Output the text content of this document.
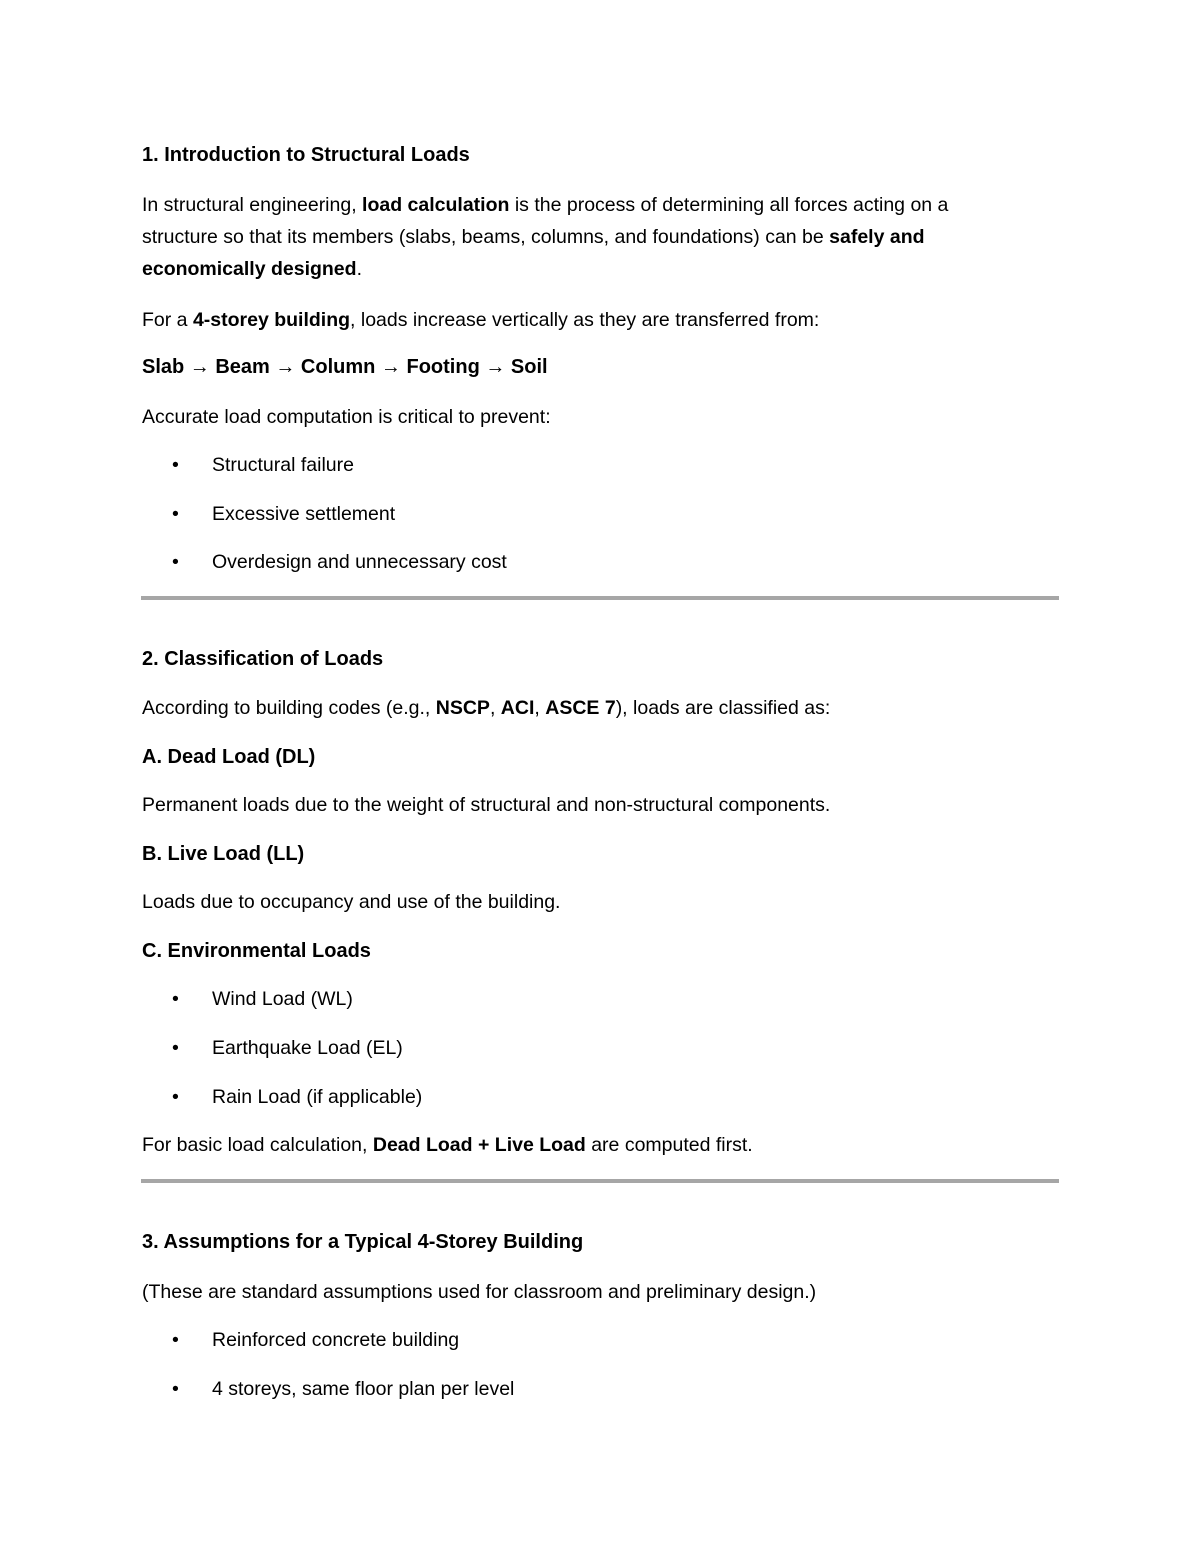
1. Introduction to Structural Loads

In structural engineering, load calculation is the process of determining all forces acting on a

structure so that its members (slabs, beams, columns, and foundations) can be safely and

economically designed.

For a 4-storey building, loads increase vertically as they are transferred from:

Slab → Beam → Column → Footing → Soil

Accurate load computation is critical to prevent:

• Structural failure
• Excessive settlement
• Overdesign and unnecessary cost

2. Classification of Loads

According to building codes (e.g., NSCP, ACI, ASCE 7), loads are classified as:

A. Dead Load (DL)

Permanent loads due to the weight of structural and non-structural components.

B. Live Load (LL)

Loads due to occupancy and use of the building.

C. Environmental Loads

• Wind Load (WL)
• Earthquake Load (EL)
• Rain Load (if applicable)

For basic load calculation, Dead Load + Live Load are computed first.

3. Assumptions for a Typical 4-Storey Building

(These are standard assumptions used for classroom and preliminary design.)

• Reinforced concrete building
• 4 storeys, same floor plan per level
